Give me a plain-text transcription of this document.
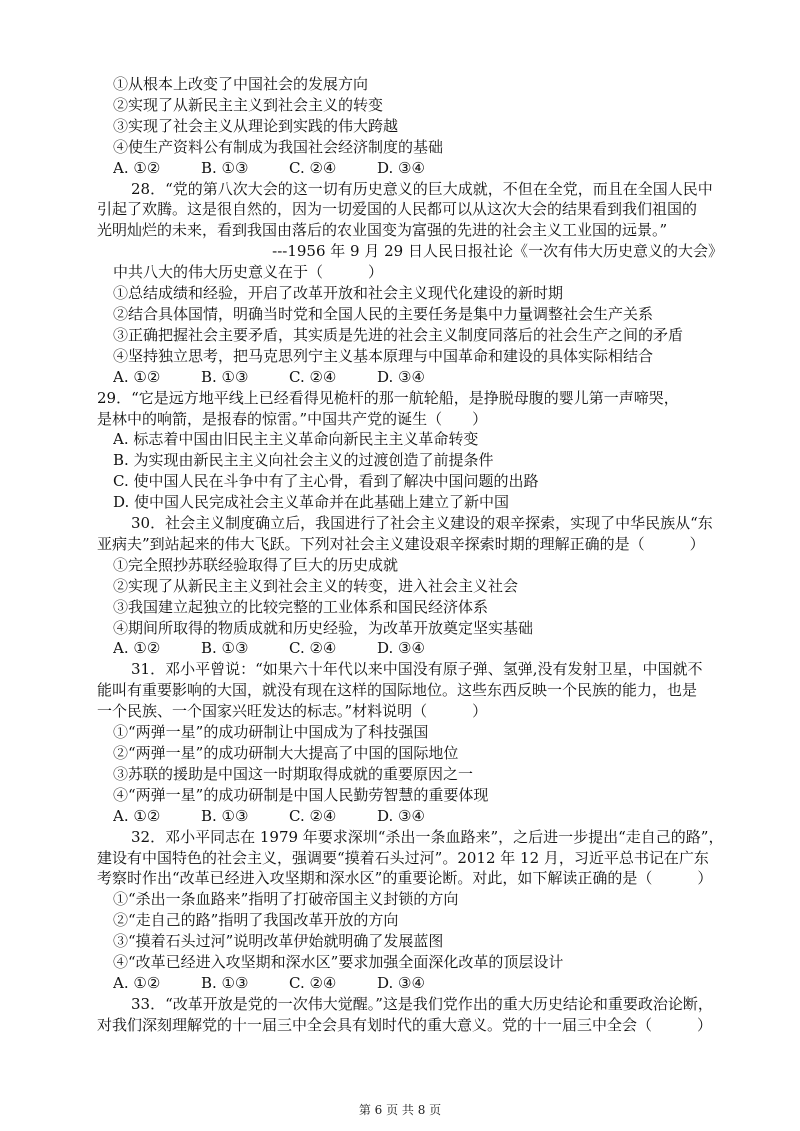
①从根本上改变了中国社会的发展方向
②实现了从新民主主义到社会主义的转变
③实现了社会主义从理论到实践的伟大跨越
④使生产资料公有制成为我国社会经济制度的基础
A. ①②	B. ①③	C. ②④	D. ③④
28．“党的第八次大会的这一切有历史意义的巨大成就，不但在全党，而且在全国人民中
引起了欢腾。这是很自然的，因为一切爱国的人民都可以从这次大会的结果看到我们祖国的
光明灿烂的未来，看到我国由落后的农业国变为富强的先进的社会主义工业国的远景。”
---1956 年 9 月 29 日人民日报社论《一次有伟大历史意义的大会》
中共八大的伟大历史意义在于（　　　）
①总结成绩和经验，开启了改革开放和社会主义现代化建设的新时期
②结合具体国情，明确当时党和全国人民的主要任务是集中力量调整社会生产关系
③正确把握社会主要矛盾，其实质是先进的社会主义制度同落后的社会生产之间的矛盾
④坚持独立思考，把马克思列宁主义基本原理与中国革命和建设的具体实际相结合
A. ①②	B. ①③	C. ②④	D. ③④
29．“它是远方地平线上已经看得见桅杆的那一航轮船，是挣脱母腹的婴儿第一声啼哭，
是林中的响箭，是报春的惊雷。”中国共产党的诞生（　　）
A. 标志着中国由旧民主主义革命向新民主主义革命转变
B. 为实现由新民主主义向社会主义的过渡创造了前提条件
C. 使中国人民在斗争中有了主心骨，看到了解决中国问题的出路
D. 使中国人民完成社会主义革命并在此基础上建立了新中国
30．社会主义制度确立后，我国进行了社会主义建设的艰辛探索，实现了中华民族从“东
亚病夫”到站起来的伟大飞跃。下列对社会主义建设艰辛探索时期的理解正确的是（　　　）
①完全照抄苏联经验取得了巨大的历史成就
②实现了从新民主主义到社会主义的转变，进入社会主义社会
③我国建立起独立的比较完整的工业体系和国民经济体系
④期间所取得的物质成就和历史经验，为改革开放奠定坚实基础
A. ①②	B. ①③	C. ②④	D. ③④
31．邓小平曾说：“如果六十年代以来中国没有原子弹、氢弹,没有发射卫星，中国就不
能叫有重要影响的大国，就没有现在这样的国际地位。这些东西反映一个民族的能力，也是
一个民族、一个国家兴旺发达的标志。”材料说明（　　　）
①“两弹一星”的成功研制让中国成为了科技强国
②“两弹一星”的成功研制大大提高了中国的国际地位
③苏联的援助是中国这一时期取得成就的重要原因之一
④“两弹一星”的成功研制是中国人民勤劳智慧的重要体现
A. ①②	B. ①③	C. ②④	D. ③④
32．邓小平同志在 1979 年要求深圳“杀出一条血路来”，之后进一步提出“走自己的路”，
建设有中国特色的社会主义，强调要“摸着石头过河”。2012 年 12 月，习近平总书记在广东
考察时作出“改革已经进入攻坚期和深水区”的重要论断。对此，如下解读正确的是（　　　）
①“杀出一条血路来”指明了打破帝国主义封锁的方向
②“走自己的路”指明了我国改革开放的方向
③“摸着石头过河”说明改革伊始就明确了发展蓝图
④“改革已经进入攻坚期和深水区”要求加强全面深化改革的顶层设计
A. ①②	B. ①③	C. ②④	D. ③④
33．“改革开放是党的一次伟大觉醒。”这是我们党作出的重大历史结论和重要政治论断，
对我们深刻理解党的十一届三中全会具有划时代的重大意义。党的十一届三中全会（　　　）
第 6 页 共 8 页
